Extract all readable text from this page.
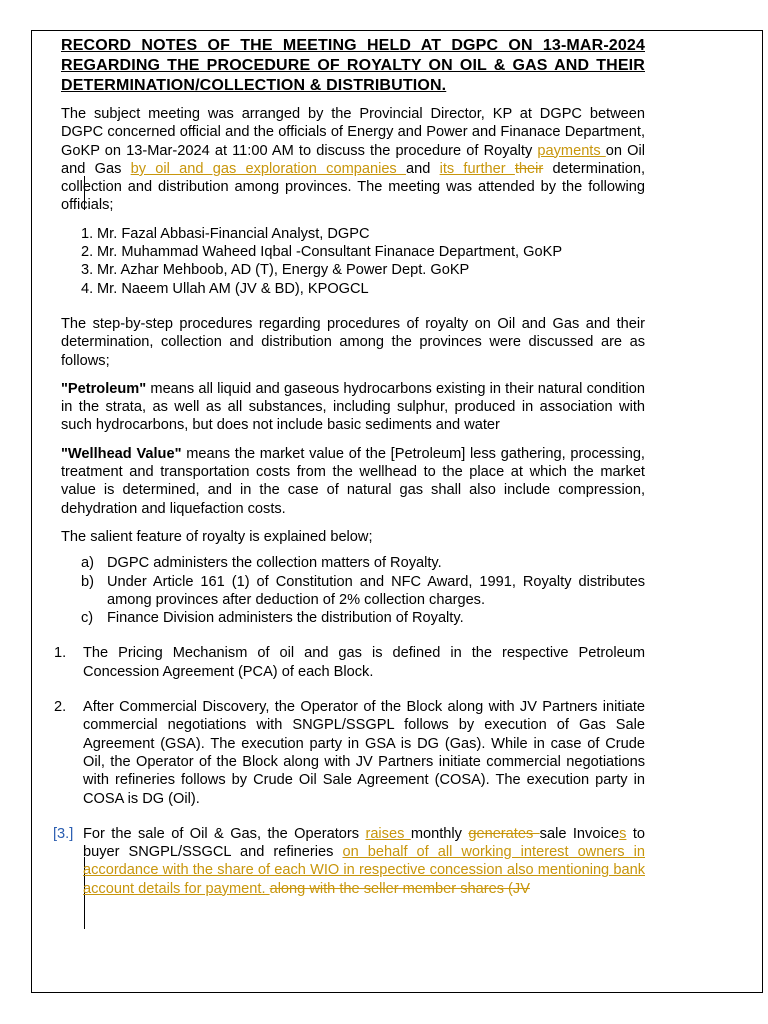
RECORD NOTES OF THE MEETING HELD AT DGPC ON 13-MAR-2024 REGARDING THE PROCEDURE OF ROYALTY ON OIL & GAS AND THEIR DETERMINATION/COLLECTION & DISTRIBUTION.

The subject meeting was arranged by the Provincial Director, KP at DGPC between DGPC concerned official and the officials of Energy and Power and Finanace Department, GoKP on 13-Mar-2024 at 11:00 AM to discuss the procedure of Royalty payments on Oil and Gas by oil and gas exploration companies and its further their determination, collection and distribution among provinces. The meeting was attended by the following officials;

1. Mr. Fazal Abbasi-Financial Analyst, DGPC
2. Mr. Muhammad Waheed Iqbal -Consultant Finanace Department, GoKP
3. Mr. Azhar Mehboob, AD (T), Energy & Power Dept. GoKP
4. Mr. Naeem Ullah AM (JV & BD), KPOGCL

The step-by-step procedures regarding procedures of royalty on Oil and Gas and their determination, collection and distribution among the provinces were discussed are as follows;

"Petroleum" means all liquid and gaseous hydrocarbons existing in their natural condition in the strata, as well as all substances, including sulphur, produced in association with such hydrocarbons, but does not include basic sediments and water

"Wellhead Value" means the market value of the [Petroleum] less gathering, processing, treatment and transportation costs from the wellhead to the place at which the market value is determined, and in the case of natural gas shall also include compression, dehydration and liquefaction costs.

The salient feature of royalty is explained below;

a) DGPC administers the collection matters of Royalty.
b) Under Article 161 (1) of Constitution and NFC Award, 1991, Royalty distributes among provinces after deduction of 2% collection charges.
c) Finance Division administers the distribution of Royalty.
1. The Pricing Mechanism of oil and gas is defined in the respective Petroleum Concession Agreement (PCA) of each Block.
2. After Commercial Discovery, the Operator of the Block along with JV Partners initiate commercial negotiations with SNGPL/SSGPL follows by execution of Gas Sale Agreement (GSA). The execution party in GSA is DG (Gas). While in case of Crude Oil, the Operator of the Block along with JV Partners initiate commercial negotiations with refineries follows by Crude Oil Sale Agreement (COSA). The execution party in COSA is DG (Oil).
[3.] For the sale of Oil & Gas, the Operators raises monthly generates sale Invoices to buyer SNGPL/SSGCL and refineries on behalf of all working interest owners in accordance with the share of each WIO in respective concession also mentioning bank account details for payment. along with the seller member shares (JV
